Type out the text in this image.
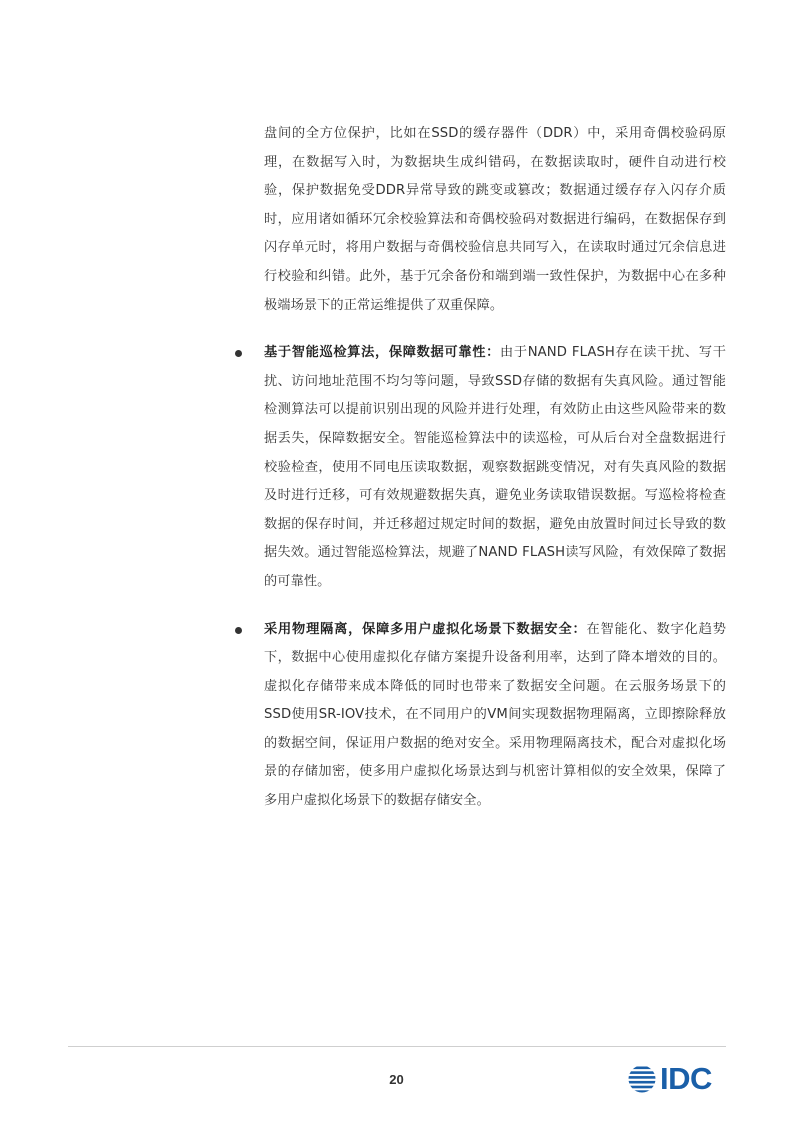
盘间的全方位保护，比如在SSD的缓存器件（DDR）中，采用奇偶校验码原理，在数据写入时，为数据块生成纠错码，在数据读取时，硬件自动进行校验，保护数据免受DDR异常导致的跳变或篡改；数据通过缓存存入闪存介质时，应用诸如循环冗余校验算法和奇偶校验码对数据进行编码，在数据保存到闪存单元时，将用户数据与奇偶校验信息共同写入，在读取时通过冗余信息进行校验和纠错。此外，基于冗余备份和端到端一致性保护，为数据中心在多种极端场景下的正常运维提供了双重保障。

基于智能巡检算法，保障数据可靠性：由于NAND FLASH存在读干扰、写干扰、访问地址范围不均匀等问题，导致SSD存储的数据有失真风险。通过智能检测算法可以提前识别出现的风险并进行处理，有效防止由这些风险带来的数据丢失，保障数据安全。智能巡检算法中的读巡检，可从后台对全盘数据进行校验检查，使用不同电压读取数据，观察数据跳变情况，对有失真风险的数据及时进行迁移，可有效规避数据失真，避免业务读取错误数据。写巡检将检查数据的保存时间，并迁移超过规定时间的数据，避免由放置时间过长导致的数据失效。通过智能巡检算法，规避了NAND FLASH读写风险，有效保障了数据的可靠性。

采用物理隔离，保障多用户虚拟化场景下数据安全：在智能化、数字化趋势下，数据中心使用虚拟化存储方案提升设备利用率，达到了降本增效的目的。虚拟化存储带来成本降低的同时也带来了数据安全问题。在云服务场景下的SSD使用SR-IOV技术，在不同用户的VM间实现数据物理隔离，立即擦除释放的数据空间，保证用户数据的绝对安全。采用物理隔离技术，配合对虚拟化场景的存储加密，使多用户虚拟化场景达到与机密计算相似的安全效果，保障了多用户虚拟化场景下的数据存储安全。

20	IDC
